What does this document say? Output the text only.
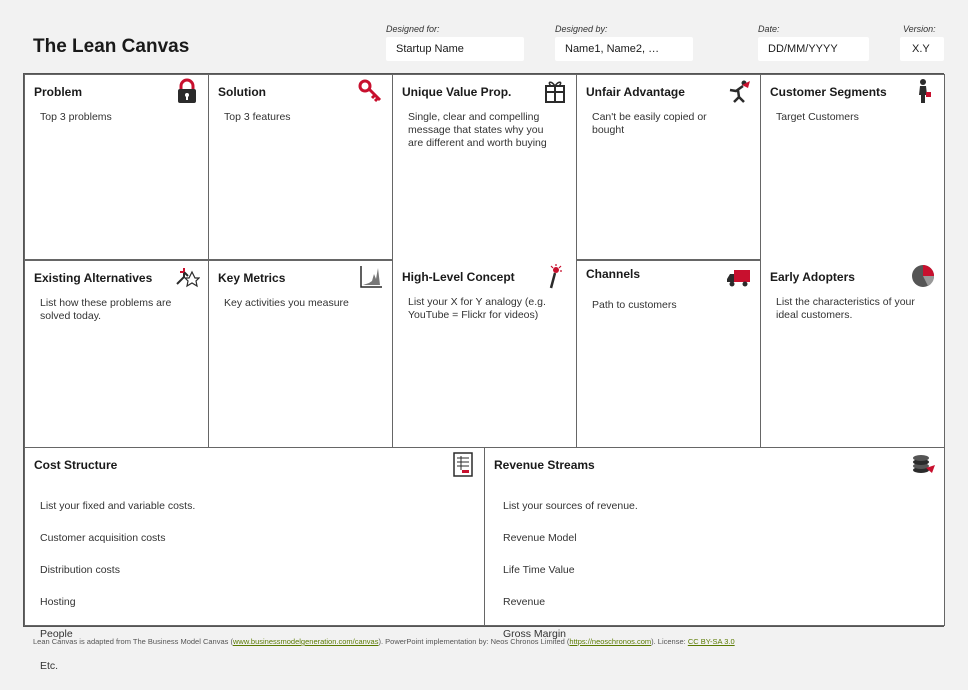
The Lean Canvas
Designed for:
Startup Name
Designed by:
Name1, Name2, …
Date:
DD/MM/YYYY
Version:
X.Y
Problem
Top 3 problems
Existing Alternatives
List how these problems are solved today.
Solution
Top 3 features
Key Metrics
Key activities you measure
Unique Value Prop.
Single, clear and compelling message that states why you are different and worth buying
High-Level Concept
List your X for Y analogy (e.g. YouTube = Flickr for videos)
Unfair Advantage
Can't be easily copied or bought
Channels
Path to customers
Customer Segments
Target Customers
Early Adopters
List the characteristics of your ideal customers.
Cost Structure

List your fixed and variable costs.

Customer acquisition costs

Distribution costs

Hosting

People

Etc.

Revenue Streams

List your sources of revenue.

Revenue Model

Life Time Value

Revenue

Gross Margin

Lean Canvas is adapted from The Business Model Canvas (www.businessmodelgeneration.com/canvas). PowerPoint implementation by: Neos Chronos Limited (https://neoschronos.com). License: CC BY-SA 3.0
